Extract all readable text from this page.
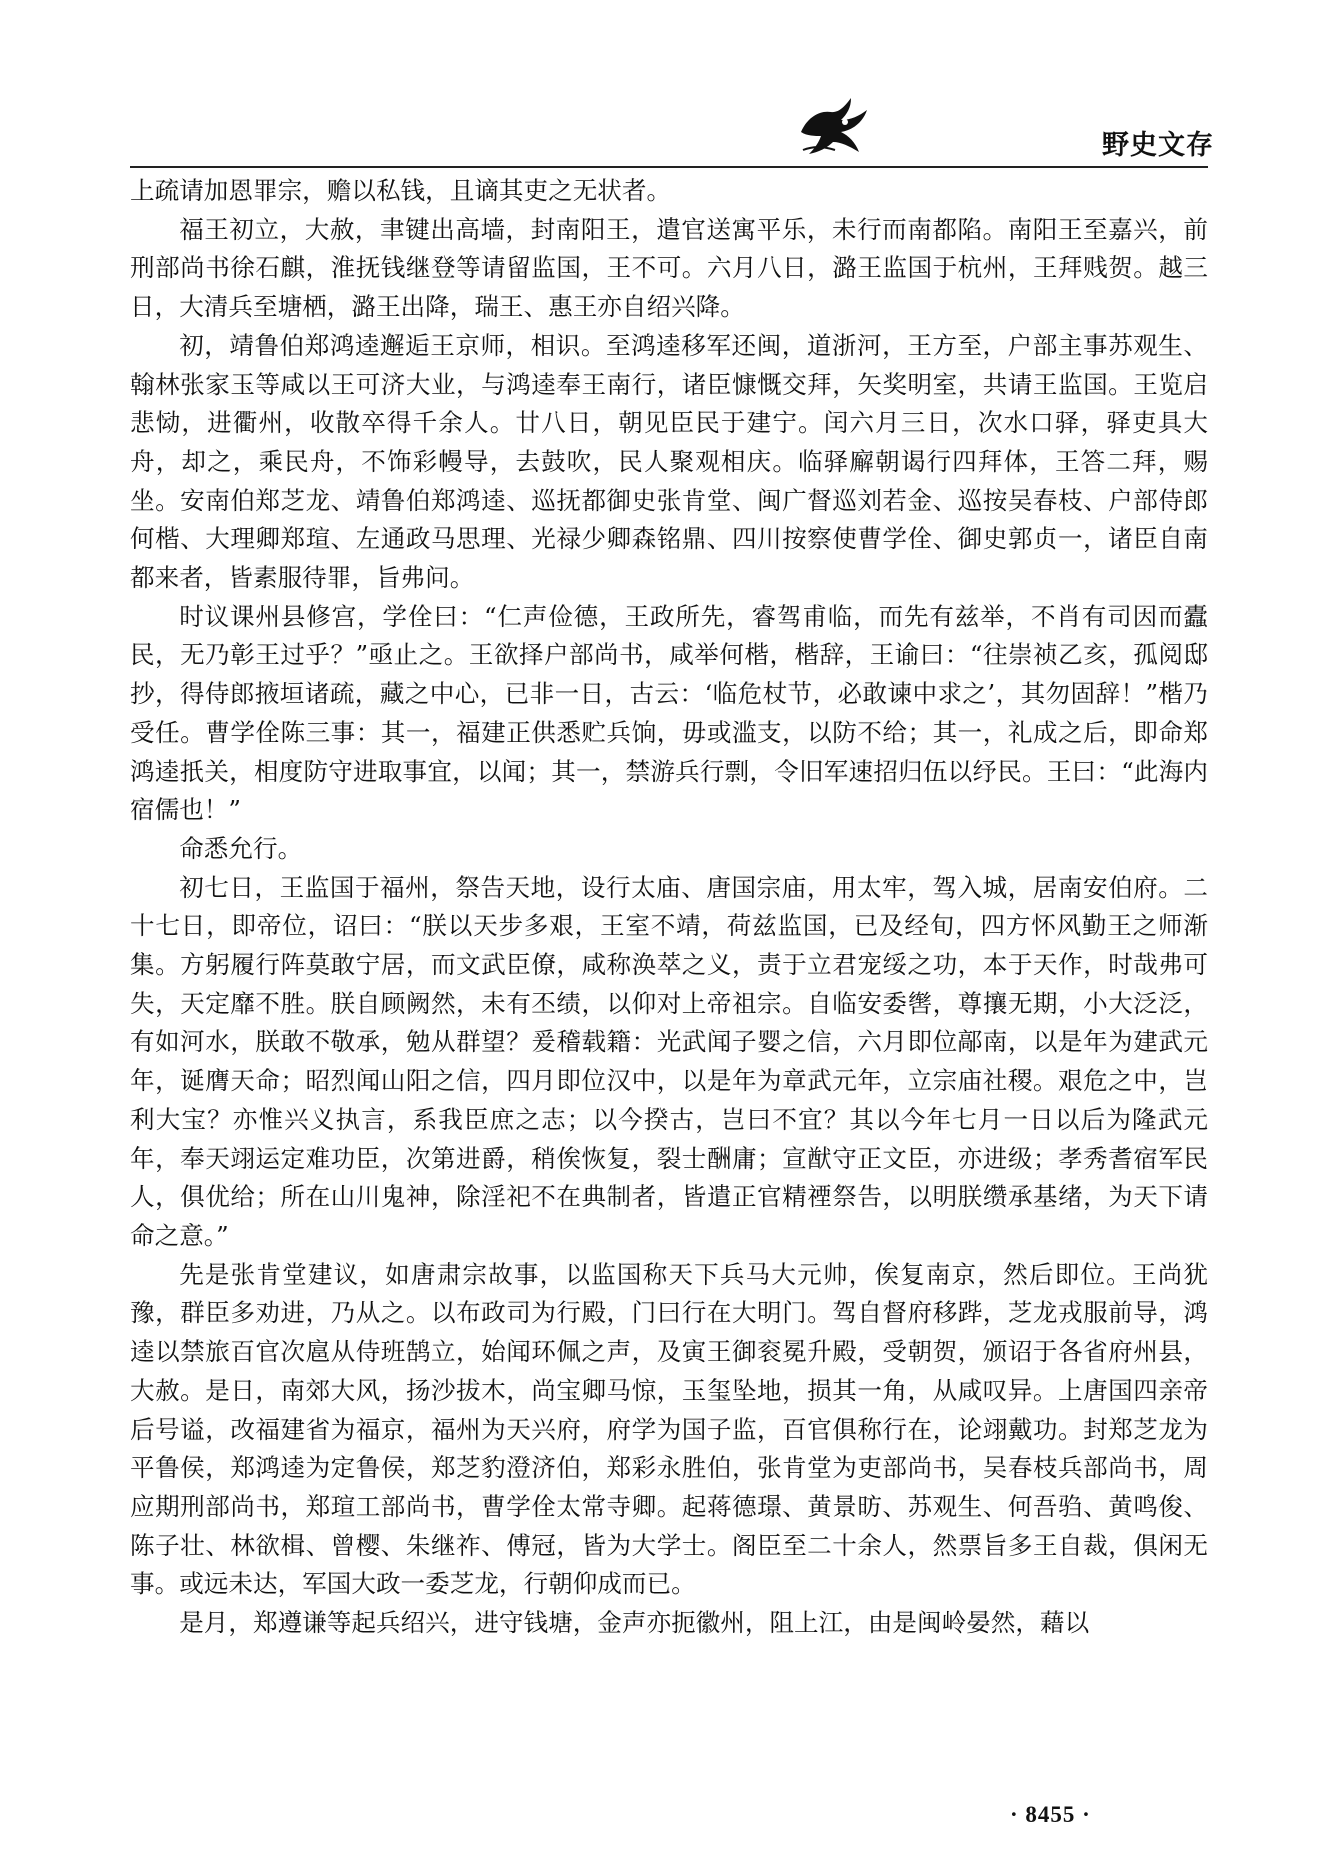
野史文存

上疏请加恩罪宗，赡以私钱，且谪其吏之无状者。

福王初立，大赦，聿键出高墙，封南阳王，遣官送寓平乐，未行而南都陷。南阳王至嘉兴，前刑部尚书徐石麒，淮抚钱继登等请留监国，王不可。六月八日，潞王监国于杭州，王拜贱贺。越三日，大清兵至塘栖，潞王出降，瑞王、惠王亦自绍兴降。

初，靖鲁伯郑鸿逵邂逅王京师，相识。至鸿逵移军还闽，道浙河，王方至，户部主事苏观生、翰林张家玉等咸以王可济大业，与鸿逵奉王南行，诸臣慷慨交拜，矢奖明室，共请王监国。王览启悲恸，进衢州，收散卒得千余人。廿八日，朝见臣民于建宁。闰六月三日，次水口驿，驿吏具大舟，却之，乘民舟，不饰彩幔导，去鼓吹，民人聚观相庆。临驿廨朝谒行四拜体，王答二拜，赐坐。安南伯郑芝龙、靖鲁伯郑鸿逵、巡抚都御史张肯堂、闽广督巡刘若金、巡按吴春枝、户部侍郎何楷、大理卿郑瑄、左通政马思理、光禄少卿森铭鼎、四川按察使曹学佺、御史郭贞一，诸臣自南都来者，皆素服待罪，旨弗问。

时议课州县修宫，学佺曰：“仁声俭德，王政所先，睿驾甫临，而先有兹举，不肖有司因而蠹民，无乃彰王过乎？”亟止之。王欲择户部尚书，咸举何楷，楷辞，王谕曰：“往崇祯乙亥，孤阅邸抄，得侍郎掖垣诸疏，藏之中心，已非一日，古云：‘临危杖节，必敢谏中求之’，其勿固辞！”楷乃受任。曹学佺陈三事：其一，福建正供悉贮兵饷，毋或滥支，以防不给；其一，礼成之后，即命郑鸿逵扺关，相度防守进取事宜，以闻；其一，禁游兵行剽，令旧军速招归伍以纾民。王曰：“此海内宿儒也！”

命悉允行。

初七日，王监国于福州，祭告天地，设行太庙、唐国宗庙，用太牢，驾入城，居南安伯府。二十七日，即帝位，诏曰：“朕以天步多艰，王室不靖，荷兹监国，已及经旬，四方怀风勤王之师渐集。方躬履行阵莫敢宁居，而文武臣僚，咸称涣萃之义，责于立君宠绥之功，本于天作，时哉弗可失，天定靡不胜。朕自顾阙然，未有丕绩，以仰对上帝祖宗。自临安委辔，尊攘无期，小大泛泛，有如河水，朕敢不敬承，勉从群望？爰稽载籍：光武闻子婴之信，六月即位鄗南，以是年为建武元年，诞膺天命；昭烈闻山阳之信，四月即位汉中，以是年为章武元年，立宗庙社稷。艰危之中，岂利大宝？亦惟兴义执言，系我臣庶之志；以今揆古，岂曰不宜？其以今年七月一日以后为隆武元年，奉天翊运定难功臣，次第进爵，稍俟恢复，裂士酬庸；宣猷守正文臣，亦进级；孝秀耆宿军民人，俱优给；所在山川鬼神，除淫祀不在典制者，皆遣正官精禋祭告，以明朕缵承基绪，为天下请命之意。”

先是张肯堂建议，如唐肃宗故事，以监国称天下兵马大元帅，俟复南京，然后即位。王尚犹豫，群臣多劝进，乃从之。以布政司为行殿，门曰行在大明门。驾自督府移跸，芝龙戎服前导，鸿逵以禁旅百官次扈从侍班鹄立，始闻环佩之声，及寅王御衮冕升殿，受朝贺，颁诏于各省府州县，大赦。是日，南郊大风，扬沙拔木，尚宝卿马惊，玉玺坠地，损其一角，从咸叹异。上唐国四亲帝后号谥，改福建省为福京，福州为天兴府，府学为国子监，百官俱称行在，论翊戴功。封郑芝龙为平鲁侯，郑鸿逵为定鲁侯，郑芝豹澄济伯，郑彩永胜伯，张肯堂为吏部尚书，吴春枝兵部尚书，周应期刑部尚书，郑瑄工部尚书，曹学佺太常寺卿。起蒋德璟、黄景昉、苏观生、何吾驺、黄鸣俊、陈子壮、林欲楫、曾樱、朱继祚、傅冠，皆为大学士。阁臣至二十余人，然票旨多王自裁，俱闲无事。或远未达，军国大政一委芝龙，行朝仰成而已。

是月，郑遵谦等起兵绍兴，进守钱塘，金声亦扼徽州，阻上江，由是闽岭晏然，藉以

· 8455 ·
